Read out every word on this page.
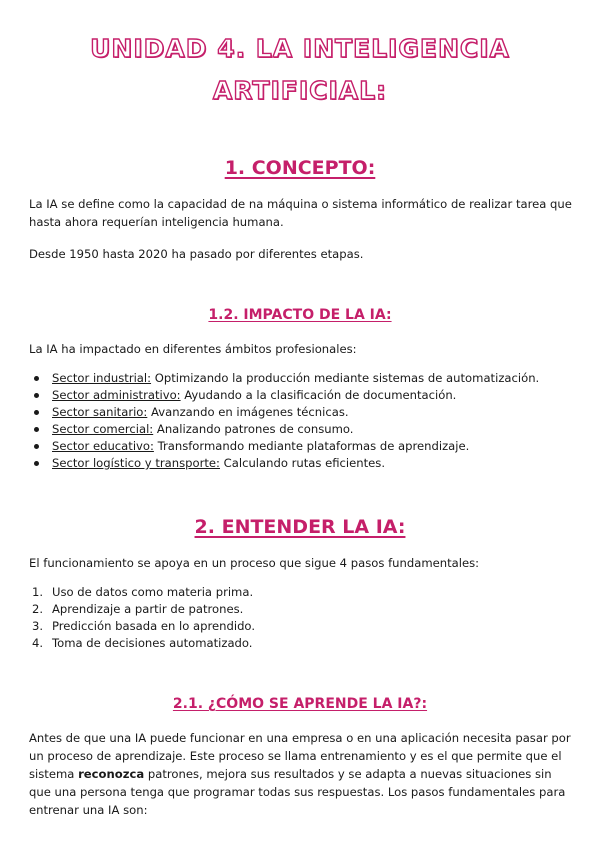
UNIDAD 4. LA INTELIGENCIA
ARTIFICIAL:
1. CONCEPTO:

La IA se define como la capacidad de na máquina o sistema informático de realizar tarea que hasta ahora requerían inteligencia humana.

Desde 1950 hasta 2020 ha pasado por diferentes etapas.

1.2. IMPACTO DE LA IA:

La IA ha impactado en diferentes ámbitos profesionales:

Sector industrial: Optimizando la producción mediante sistemas de automatización.
Sector administrativo: Ayudando a la clasificación de documentación.
Sector sanitario: Avanzando en imágenes técnicas.
Sector comercial: Analizando patrones de consumo.
Sector educativo: Transformando mediante plataformas de aprendizaje.
Sector logístico y transporte: Calculando rutas eficientes.
2. ENTENDER LA IA:

El funcionamiento se apoya en un proceso que sigue 4 pasos fundamentales:

1. Uso de datos como materia prima.
2. Aprendizaje a partir de patrones.
3. Predicción basada en lo aprendido.
4. Toma de decisiones automatizado.
2.1. ¿CÓMO SE APRENDE LA IA?:

Antes de que una IA puede funcionar en una empresa o en una aplicación necesita pasar por un proceso de aprendizaje. Este proceso se llama entrenamiento y es el que permite que el sistema reconozca patrones, mejora sus resultados y se adapta a nuevas situaciones sin que una persona tenga que programar todas sus respuestas. Los pasos fundamentales para entrenar una IA son:
